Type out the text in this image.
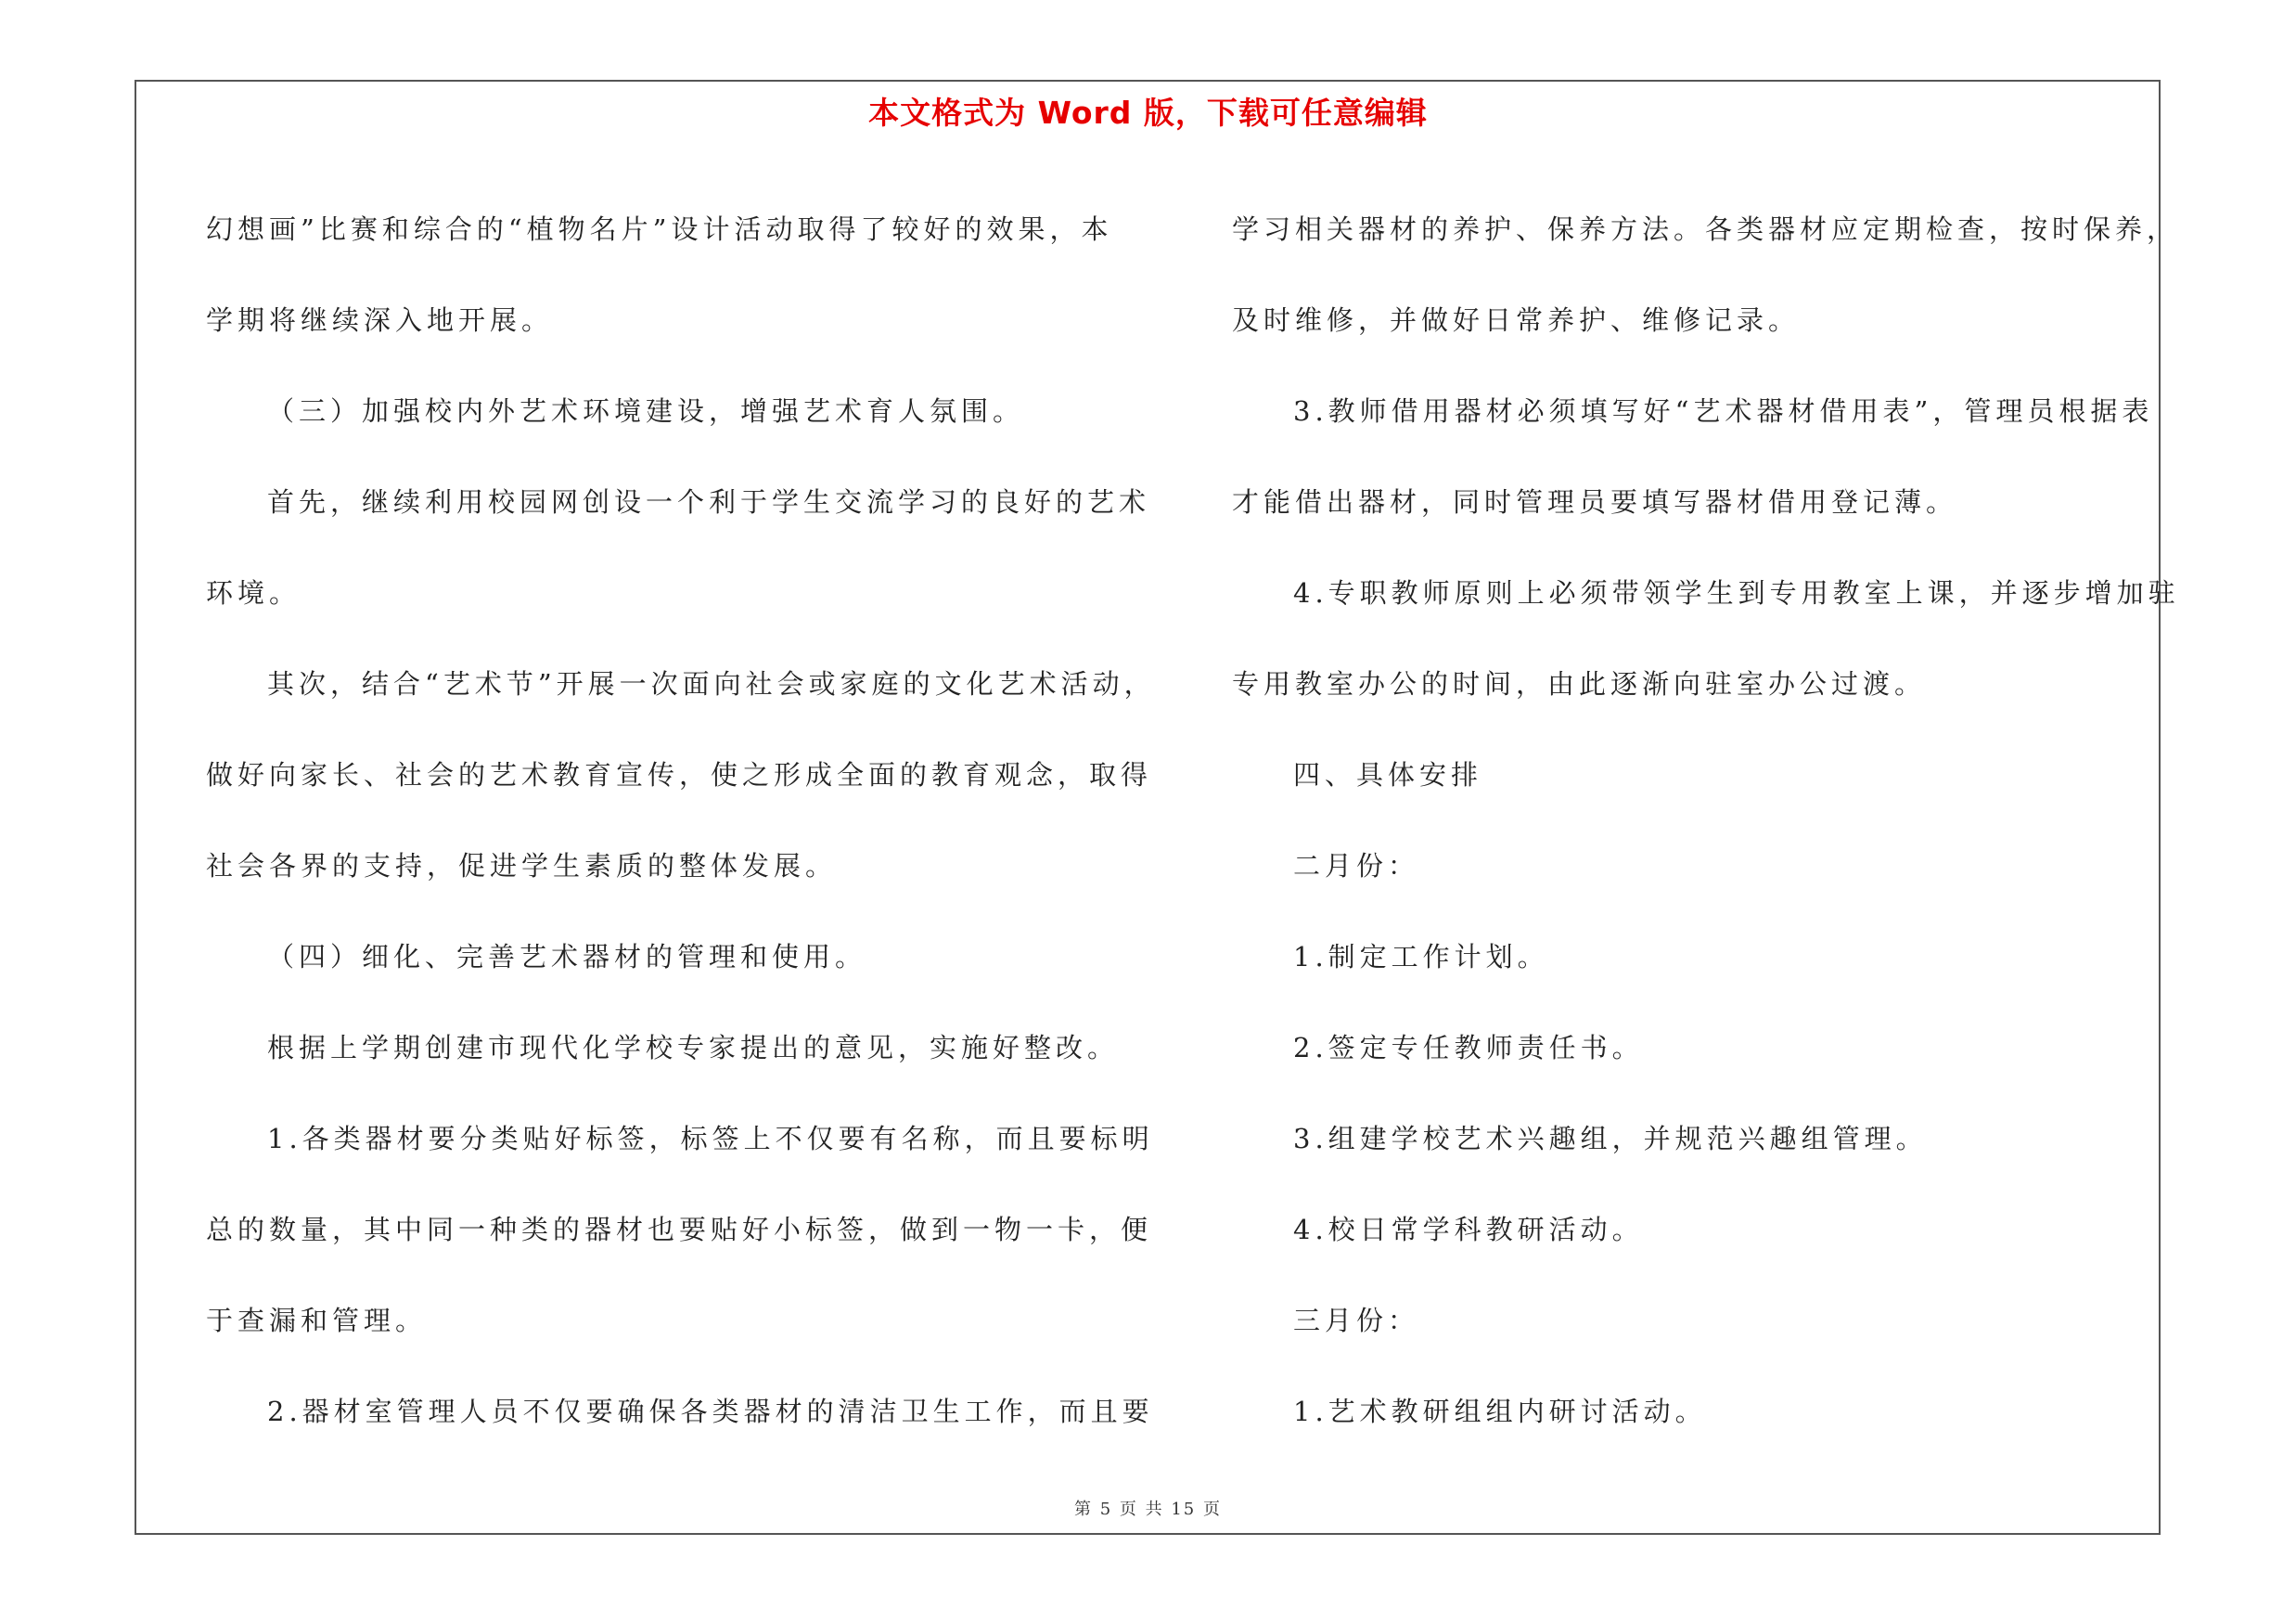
本文格式为 Word 版，下载可任意编辑

幻想画”比赛和综合的“植物名片”设计活动取得了较好的效果，本

学期将继续深入地开展。

（三）加强校内外艺术环境建设，增强艺术育人氛围。

首先，继续利用校园网创设一个利于学生交流学习的良好的艺术

环境。

其次，结合“艺术节”开展一次面向社会或家庭的文化艺术活动，

做好向家长、社会的艺术教育宣传，使之形成全面的教育观念，取得

社会各界的支持，促进学生素质的整体发展。

（四）细化、完善艺术器材的管理和使用。

根据上学期创建市现代化学校专家提出的意见，实施好整改。

1.各类器材要分类贴好标签，标签上不仅要有名称，而且要标明

总的数量，其中同一种类的器材也要贴好小标签，做到一物一卡，便

于查漏和管理。

2.器材室管理人员不仅要确保各类器材的清洁卫生工作，而且要

学习相关器材的养护、保养方法。各类器材应定期检查，按时保养，

及时维修，并做好日常养护、维修记录。

3.教师借用器材必须填写好“艺术器材借用表”，管理员根据表

才能借出器材，同时管理员要填写器材借用登记薄。

4.专职教师原则上必须带领学生到专用教室上课，并逐步增加驻

专用教室办公的时间，由此逐渐向驻室办公过渡。

四、具体安排

二月份：

1.制定工作计划。

2.签定专任教师责任书。

3.组建学校艺术兴趣组，并规范兴趣组管理。

4.校日常学科教研活动。

三月份：

1.艺术教研组组内研讨活动。

第 5 页 共 15 页
